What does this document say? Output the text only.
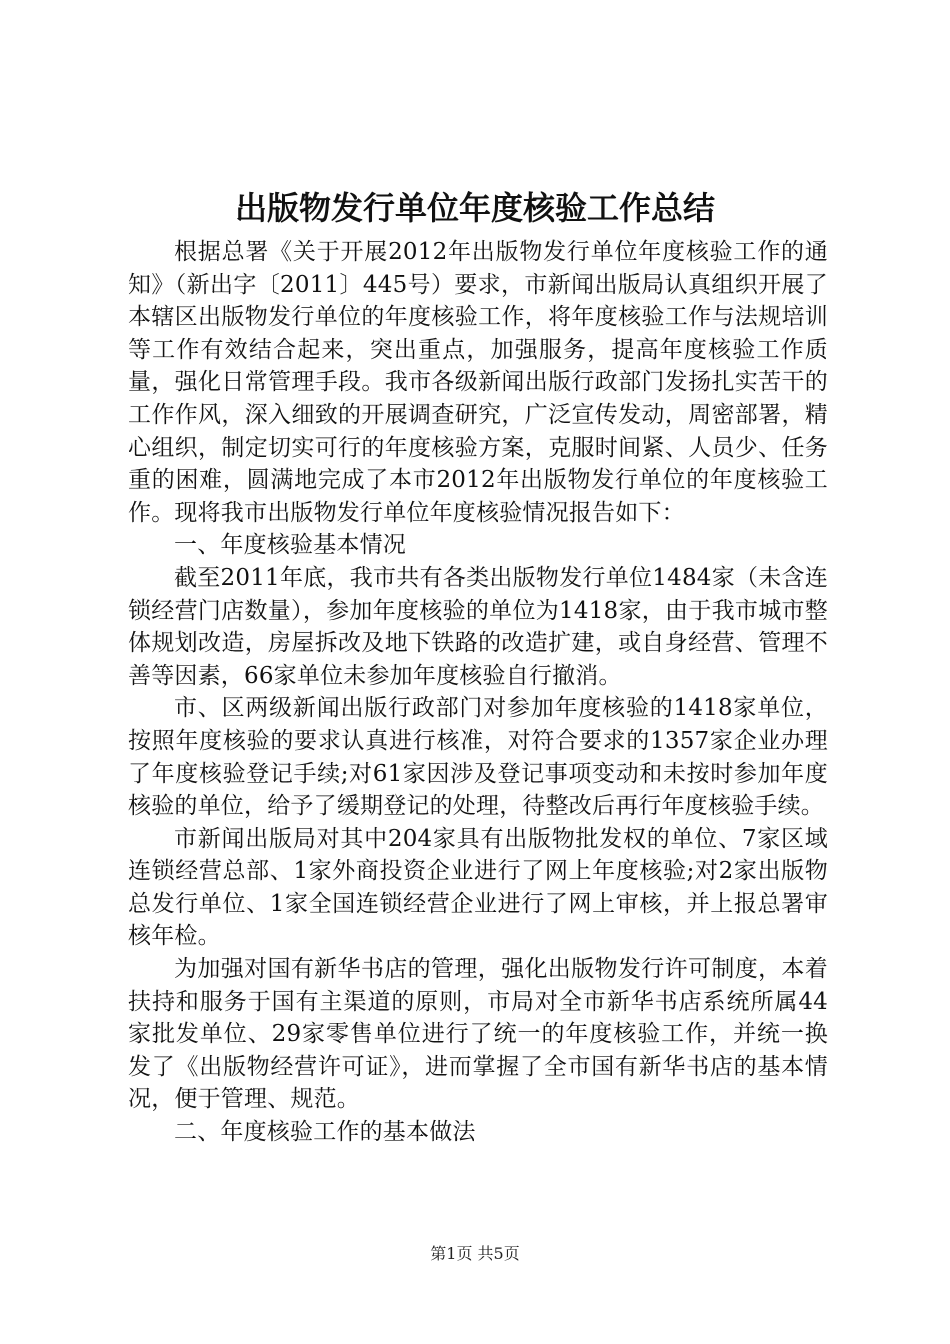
出版物发行单位年度核验工作总结

根据总署《关于开展2012年出版物发行单位年度核验工作的通知》（新出字〔2011〕445号）要求，市新闻出版局认真组织开展了本辖区出版物发行单位的年度核验工作，将年度核验工作与法规培训等工作有效结合起来，突出重点，加强服务，提高年度核验工作质量，强化日常管理手段。我市各级新闻出版行政部门发扬扎实苦干的工作作风，深入细致的开展调查研究，广泛宣传发动，周密部署，精心组织，制定切实可行的年度核验方案，克服时间紧、人员少、任务重的困难，圆满地完成了本市2012年出版物发行单位的年度核验工作。现将我市出版物发行单位年度核验情况报告如下：

一、年度核验基本情况

截至2011年底，我市共有各类出版物发行单位1484家（未含连锁经营门店数量），参加年度核验的单位为1418家，由于我市城市整体规划改造，房屋拆改及地下铁路的改造扩建，或自身经营、管理不善等因素，66家单位未参加年度核验自行撤消。

市、区两级新闻出版行政部门对参加年度核验的1418家单位，按照年度核验的要求认真进行核准，对符合要求的1357家企业办理了年度核验登记手续;对61家因涉及登记事项变动和未按时参加年度核验的单位，给予了缓期登记的处理，待整改后再行年度核验手续。

市新闻出版局对其中204家具有出版物批发权的单位、7家区域连锁经营总部、1家外商投资企业进行了网上年度核验;对2家出版物总发行单位、1家全国连锁经营企业进行了网上审核，并上报总署审核年检。

为加强对国有新华书店的管理，强化出版物发行许可制度，本着扶持和服务于国有主渠道的原则，市局对全市新华书店系统所属44家批发单位、29家零售单位进行了统一的年度核验工作，并统一换发了《出版物经营许可证》，进而掌握了全市国有新华书店的基本情况，便于管理、规范。

二、年度核验工作的基本做法

第1页 共5页
